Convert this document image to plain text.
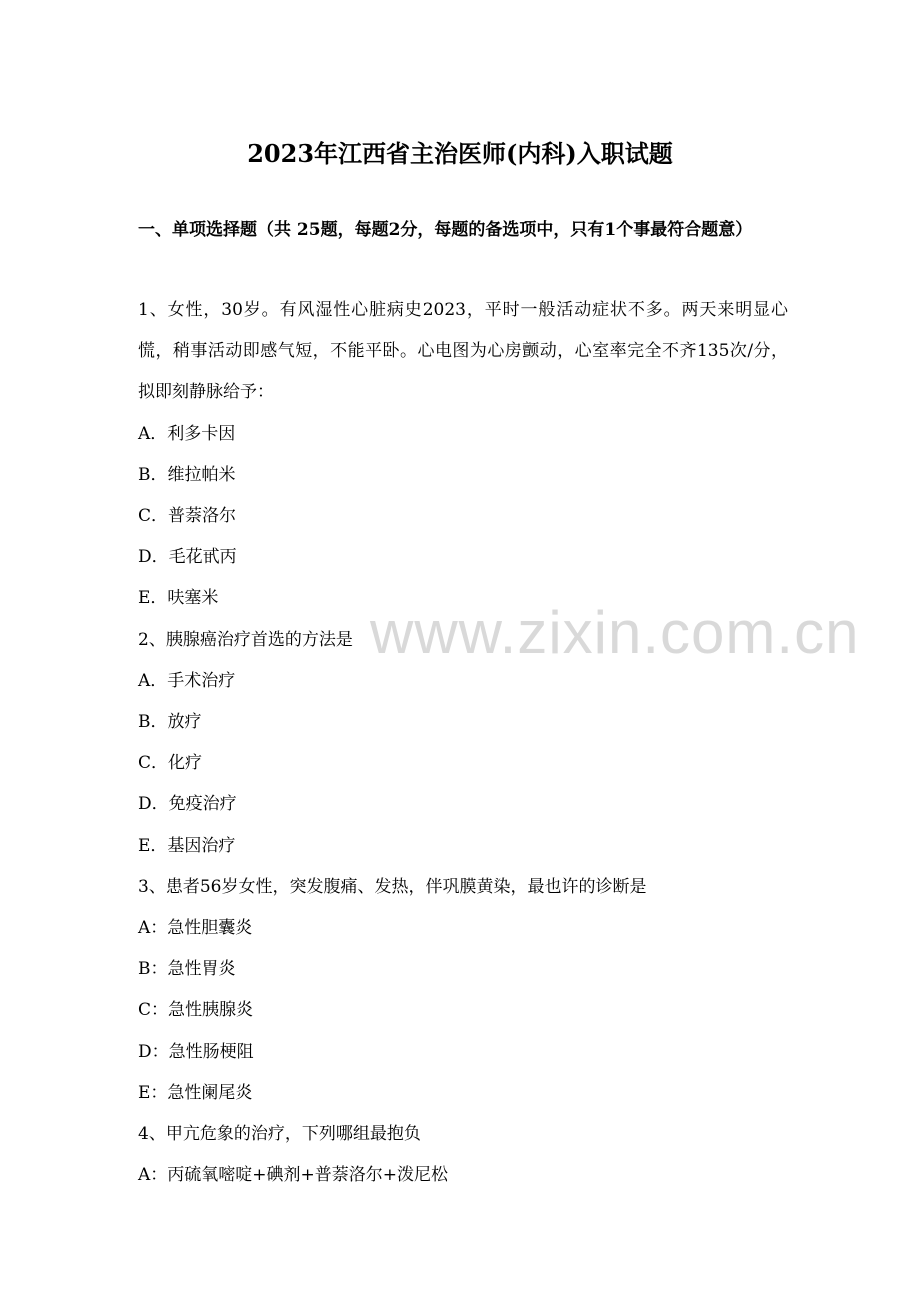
2023年江西省主治医师(内科)入职试题
一、单项选择题（共 25题，每题2分，每题的备选项中，只有1个事最符合题意）
1、女性，30岁。有风湿性心脏病史2023，平时一般活动症状不多。两天来明显心慌，稍事活动即感气短，不能平卧。心电图为心房颤动，心室率完全不齐135次/分，拟即刻静脉给予：
A．利多卡因
B．维拉帕米
C．普萘洛尔
D．毛花甙丙
E．呋塞米
2、胰腺癌治疗首选的方法是
A．手术治疗
B．放疗
C．化疗
D．免疫治疗
E．基因治疗
3、患者56岁女性，突发腹痛、发热，伴巩膜黄染，最也许的诊断是
A：急性胆囊炎
B：急性胃炎
C：急性胰腺炎
D：急性肠梗阻
E：急性阑尾炎
4、甲亢危象的治疗，下列哪组最抱负
A：丙硫氧嘧啶+碘剂+普萘洛尔+泼尼松
www.zixin.com.cn
